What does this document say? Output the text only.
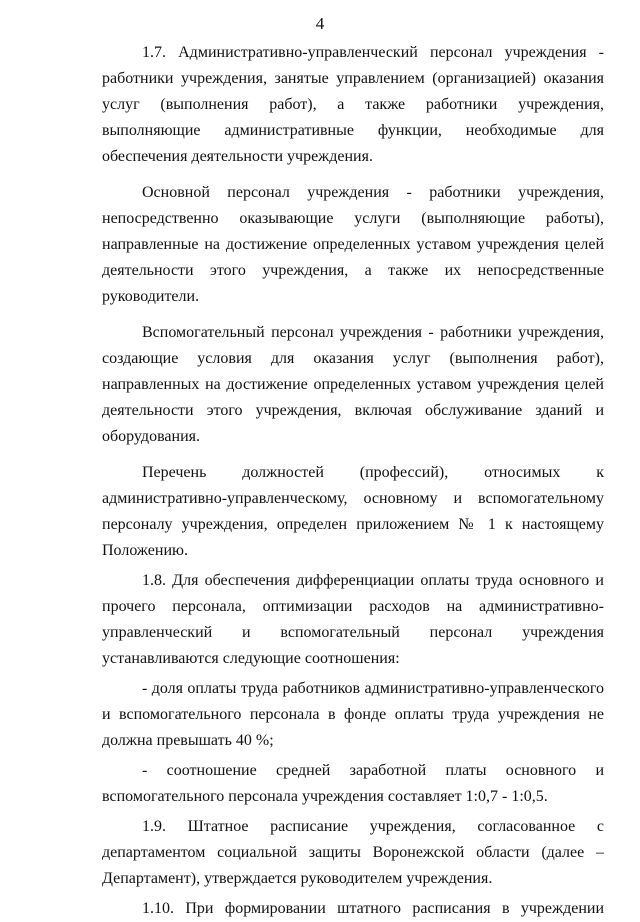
4

1.7. Административно-управленческий персонал учреждения - работники учреждения, занятые управлением (организацией) оказания услуг (выполнения работ), а также работники учреждения, выполняющие административные функции, необходимые для обеспечения деятельности учреждения.

Основной персонал учреждения - работники учреждения, непосредственно оказывающие услуги (выполняющие работы), направленные на достижение определенных уставом учреждения целей деятельности этого учреждения, а также их непосредственные руководители.

Вспомогательный персонал учреждения - работники учреждения, создающие условия для оказания услуг (выполнения работ), направленных на достижение определенных уставом учреждения целей деятельности этого учреждения, включая обслуживание зданий и оборудования.

Перечень должностей (профессий), относимых к административно-управленческому, основному и вспомогательному персоналу учреждения, определен приложением № 1 к настоящему Положению.

1.8. Для обеспечения дифференциации оплаты труда основного и прочего персонала, оптимизации расходов на административно-управленческий и вспомогательный персонал учреждения устанавливаются следующие соотношения:

- доля оплаты труда работников административно-управленческого и вспомогательного персонала в фонде оплаты труда учреждения не должна превышать 40 %;

- соотношение средней заработной платы основного и вспомогательного персонала учреждения составляет 1:0,7 - 1:0,5.

1.9. Штатное расписание учреждения, согласованное с департаментом социальной защиты Воронежской области (далее – Департамент), утверждается руководителем учреждения.

1.10. При формировании штатного расписания в учреждении
